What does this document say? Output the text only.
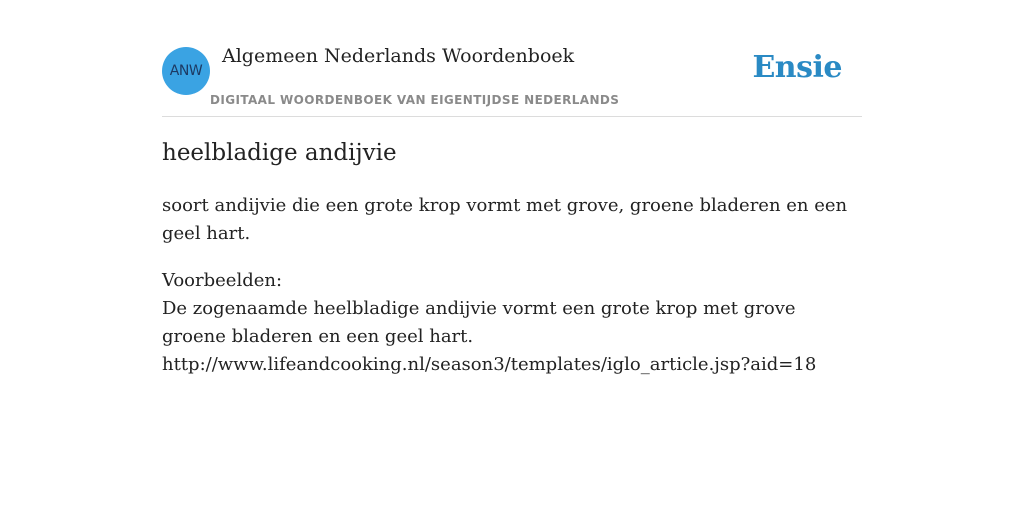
ANW
Algemeen Nederlands Woordenboek
DIGITAAL WOORDENBOEK VAN EIGENTIJDSE NEDERLANDS
Ensie
heelbladige andijvie
soort andijvie die een grote krop vormt met grove, groene bladeren en een geel hart.
Voorbeelden:
De zogenaamde heelbladige andijvie vormt een grote krop met grove groene bladeren en een geel hart.
http://www.lifeandcooking.nl/season3/templates/iglo_article.jsp?aid=18
